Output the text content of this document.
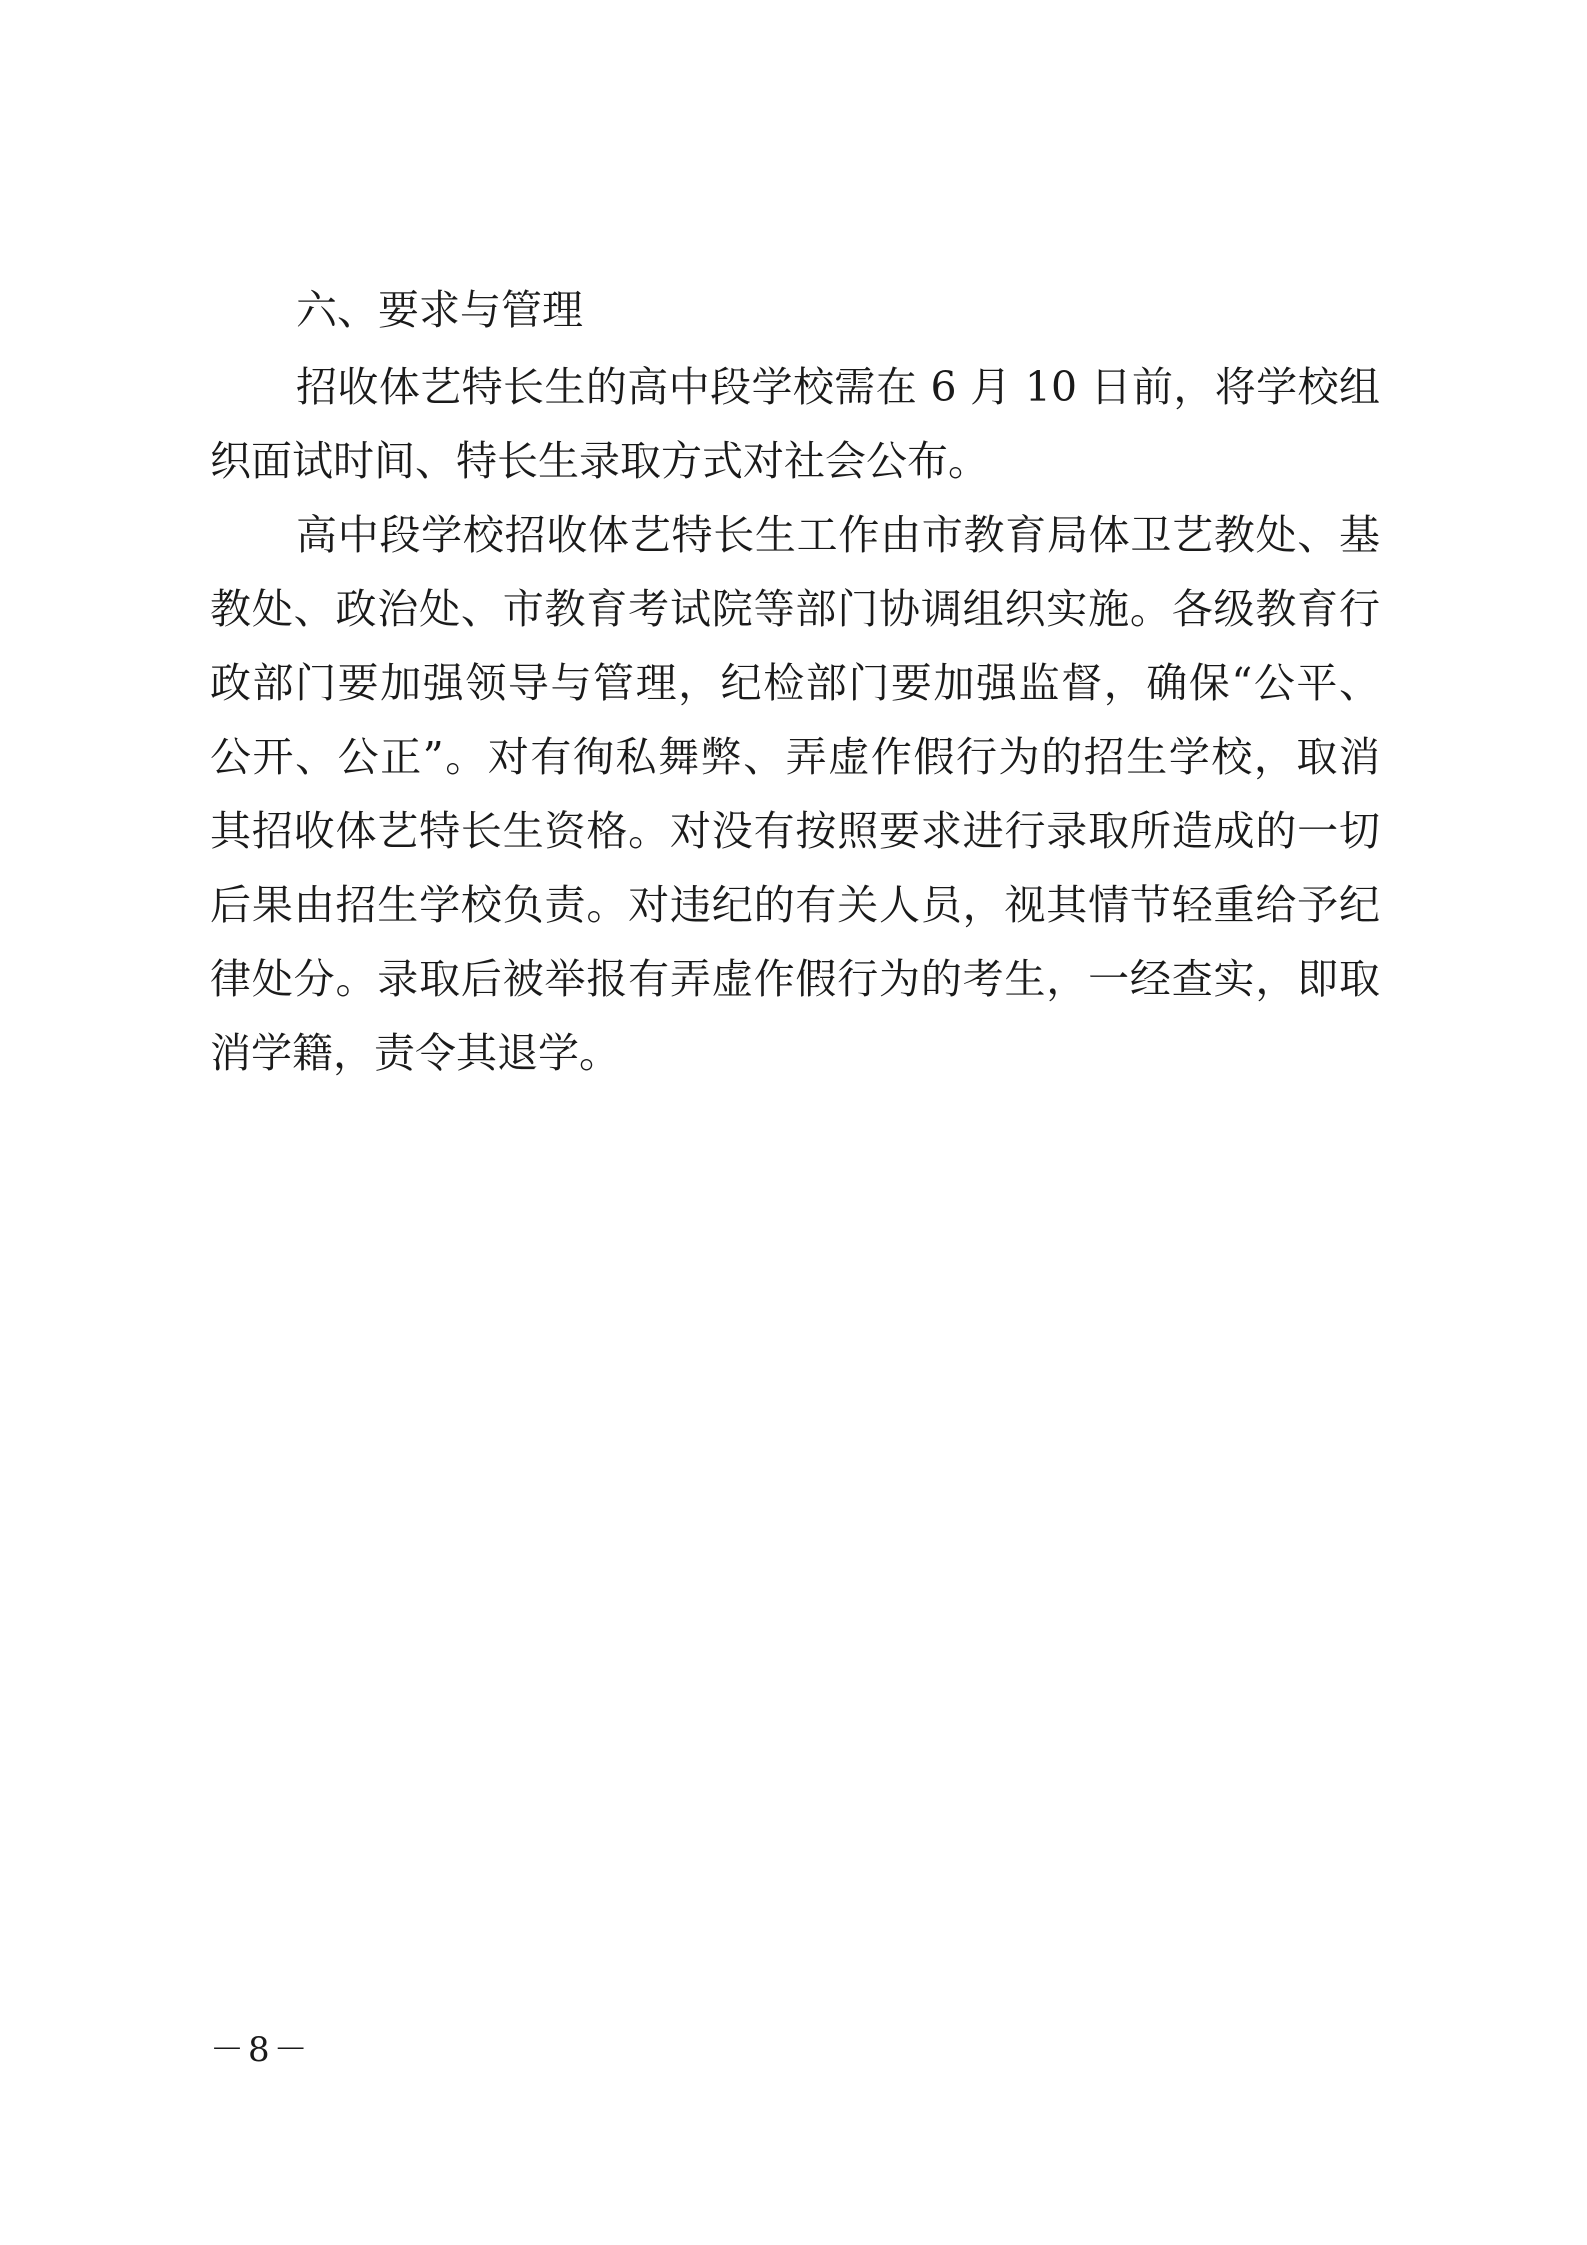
六、要求与管理
招收体艺特长生的高中段学校需在 6 月 10 日前，将学校组
织面试时间、特长生录取方式对社会公布。
高中段学校招收体艺特长生工作由市教育局体卫艺教处、基
教处、政治处、市教育考试院等部门协调组织实施。各级教育行
政部门要加强领导与管理，纪检部门要加强监督，确保“公平、
公开、公正”。对有徇私舞弊、弄虚作假行为的招生学校，取消
其招收体艺特长生资格。对没有按照要求进行录取所造成的一切
后果由招生学校负责。对违纪的有关人员，视其情节轻重给予纪
律处分。录取后被举报有弄虚作假行为的考生，一经查实，即取
消学籍，责令其退学。
－8－
